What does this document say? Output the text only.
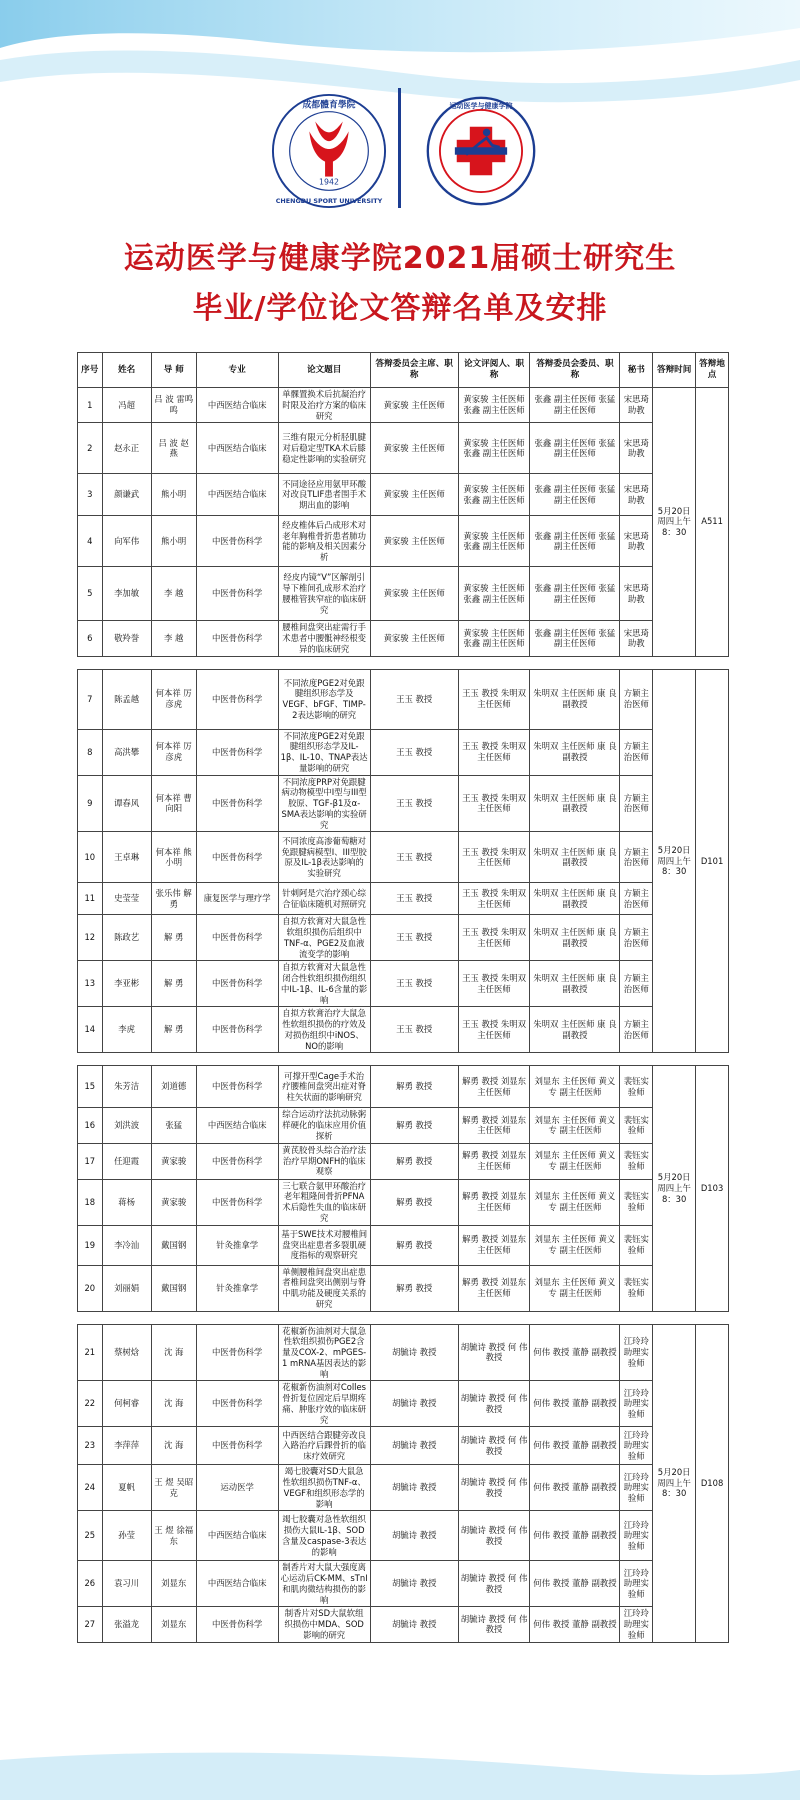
1942
成都體育學院
CHENGDU SPORT UNIVERSITY
运动医学与健康学院
运动医学与健康学院2021届硕士研究生
毕业/学位论文答辩名单及安排
序号	姓名	导 师	专业	论文题目	答辩委员会主席、职称	论文评阅人、职称	答辩委员会委员、职称	秘书	答辩时间	答辩地点
1	冯超	吕 波 雷鸣鸣	中西医结合临床	单髁置换术后抗凝治疗时限及治疗方案的临床研究	黄家骏 主任医师	黄家骏 主任医师 张鑫 副主任医师	张鑫 副主任医师 张猛 副主任医师	宋思琦助教	5月20日周四上午8：30	A511
2	赵永正	吕 波 赵 燕	中西医结合临床	三维有限元分析胫肌腱对后稳定型TKA术后膝稳定性影响的实验研究	黄家骏 主任医师	黄家骏 主任医师 张鑫 副主任医师	张鑫 副主任医师 张猛 副主任医师	宋思琦助教		
3	颜谦武	熊小明	中西医结合临床	不同途径应用氨甲环酸对改良TLIF患者围手术期出血的影响	黄家骏 主任医师	黄家骏 主任医师 张鑫 副主任医师	张鑫 副主任医师 张猛 副主任医师	宋思琦助教		
4	向军伟	熊小明	中医骨伤科学	经皮椎体后凸成形术对老年胸椎骨折患者肺功能的影响及相关因素分析	黄家骏 主任医师	黄家骏 主任医师 张鑫 副主任医师	张鑫 副主任医师 张猛 副主任医师	宋思琦助教		
5	李加敏	李 越	中医骨伤科学	经皮内镜“V”区解剖引导下椎间孔成形术治疗腰椎管狭窄症的临床研究	黄家骏 主任医师	黄家骏 主任医师 张鑫 副主任医师	张鑫 副主任医师 张猛 副主任医师	宋思琦助教		
6	敬羚誉	李 越	中医骨伤科学	腰椎间盘突出症需行手术患者中腰骶神经根变异的临床研究	黄家骏 主任医师	黄家骏 主任医师 张鑫 副主任医师	张鑫 副主任医师 张猛 副主任医师	宋思琦助教		
7	陈孟越	何本祥 厉彦虎	中医骨伤科学	不同浓度PGE2对免跟腱组织形态学及VEGF、bFGF、TIMP-2表达影响的研究	王玉 教授	王玉 教授 朱明双 主任医师	朱明双 主任医师 康 良 副教授	方颖主治医师	5月20日周四上午8：30	D101
8	高洪攀	何本祥 厉彦虎	中医骨伤科学	不同浓度PGE2对免跟腱组织形态学及IL-1β、IL-10、TNAP表达量影响的研究	王玉 教授	王玉 教授 朱明双 主任医师	朱明双 主任医师 康 良 副教授	方颖主治医师		
9	谭春风	何本祥 曹向阳	中医骨伤科学	不同浓度PRP对免跟腱病动物模型中I型与III型胶原、TGF-β1及α-SMA表达影响的实验研究	王玉 教授	王玉 教授 朱明双 主任医师	朱明双 主任医师 康 良 副教授	方颖主治医师		
10	王卓琳	何本祥 熊小明	中医骨伤科学	不同浓度高渗葡萄糖对免跟腱病模型I、III型胶原及IL-1β表达影响的实验研究	王玉 教授	王玉 教授 朱明双 主任医师	朱明双 主任医师 康 良 副教授	方颖主治医师		
11	史莹莹	张乐伟 解勇	康复医学与理疗学	针刺阿是穴治疗颈心综合征临床随机对照研究	王玉 教授	王玉 教授 朱明双 主任医师	朱明双 主任医师 康 良 副教授	方颖主治医师		
12	陈政艺	解 勇	中医骨伤科学	自拟方软膏对大鼠急性软组织损伤后组织中TNF-α、PGE2及血液流变学的影响	王玉 教授	王玉 教授 朱明双 主任医师	朱明双 主任医师 康 良 副教授	方颖主治医师		
13	李亚彬	解 勇	中医骨伤科学	自拟方软膏对大鼠急性闭合性软组织损伤组织中IL-1β、IL-6含量的影响	王玉 教授	王玉 教授 朱明双 主任医师	朱明双 主任医师 康 良 副教授	方颖主治医师		
14	李虎	解 勇	中医骨伤科学	自拟方软膏治疗大鼠急性软组织损伤的疗效及对损伤组织中iNOS、NO的影响	王玉 教授	王玉 教授 朱明双 主任医师	朱明双 主任医师 康 良 副教授	方颖主治医师		
15	朱芳洁	刘道德	中医骨伤科学	可撑开型Cage手术治疗腰椎间盘突出症对脊柱矢状面的影响研究	解勇 教授	解勇 教授 刘显东 主任医师	刘显东 主任医师 黄义专 副主任医师	裴钰实验师	5月20日周四上午8：30	D103
16	刘洪波	张猛	中西医结合临床	综合运动疗法抗动脉粥样硬化的临床应用价值探析	解勇 教授	解勇 教授 刘显东 主任医师	刘显东 主任医师 黄义专 副主任医师	裴钰实验师		
17	任迎霞	黄家骏	中医骨伤科学	黄芪胶骨头综合治疗法治疗早期ONFH的临床观察	解勇 教授	解勇 教授 刘显东 主任医师	刘显东 主任医师 黄义专 副主任医师	裴钰实验师		
18	蒋杨	黄家骏	中医骨伤科学	三七联合氨甲环酸治疗老年粗隆间骨折PFNA术后隐性失血的临床研究	解勇 教授	解勇 教授 刘显东 主任医师	刘显东 主任医师 黄义专 副主任医师	裴钰实验师		
19	李冷汕	戴国钢	针灸推拿学	基于SWE技术对腰椎间盘突出症患者多裂肌硬度指标的观察研究	解勇 教授	解勇 教授 刘显东 主任医师	刘显东 主任医师 黄义专 副主任医师	裴钰实验师		
20	刘丽娟	戴国钢	针灸推拿学	单侧腰椎间盘突出症患者椎间盘突出侧别与脊中肌功能及硬度关系的研究	解勇 教授	解勇 教授 刘显东 主任医师	刘显东 主任医师 黄义专 副主任医师	裴钰实验师		
21	蔡树焓	沈 海	中医骨伤科学	花椒新伤油剂对大鼠急性软组织损伤PGE2含量及COX-2、mPGES-1 mRNA基因表达的影响	胡毓诗 教授	胡毓诗 教授 何 伟 教授	何伟 教授 董静 副教授	江玲玲助理实验师	5月20日周四上午8：30	D108
22	何柯睿	沈 海	中医骨伤科学	花椒新伤油剂对Colles骨折复位固定后早期疼痛、肿胀疗效的临床研究	胡毓诗 教授	胡毓诗 教授 何 伟 教授	何伟 教授 董静 副教授	江玲玲助理实验师		
23	李萍萍	沈 海	中医骨伤科学	中西医结合跟腱旁改良入路治疗后踝骨折的临床疗效研究	胡毓诗 教授	胡毓诗 教授 何 伟 教授	何伟 教授 董静 副教授	江玲玲助理实验师		
24	夏帆	王 煜 吴昭克	运动医学	竭七胶囊对SD大鼠急性软组织损伤TNF-α、VEGF和组织形态学的影响	胡毓诗 教授	胡毓诗 教授 何 伟 教授	何伟 教授 董静 副教授	江玲玲助理实验师		
25	孙莹	王 煜 徐福东	中西医结合临床	竭七胶囊对急性软组织损伤大鼠IL-1β、SOD含量及caspase-3表达的影响	胡毓诗 教授	胡毓诗 教授 何 伟 教授	何伟 教授 董静 副教授	江玲玲助理实验师		
26	袁习川	刘显东	中西医结合临床	制香片对大鼠大强度离心运动后CK-MM、sTnI和肌肉微结构损伤的影响	胡毓诗 教授	胡毓诗 教授 何 伟 教授	何伟 教授 董静 副教授	江玲玲助理实验师		
27	张溢龙	刘显东	中医骨伤科学	制香片对SD大鼠软组织损伤中MDA、SOD影响的研究	胡毓诗 教授	胡毓诗 教授 何 伟 教授	何伟 教授 董静 副教授	江玲玲助理实验师		
